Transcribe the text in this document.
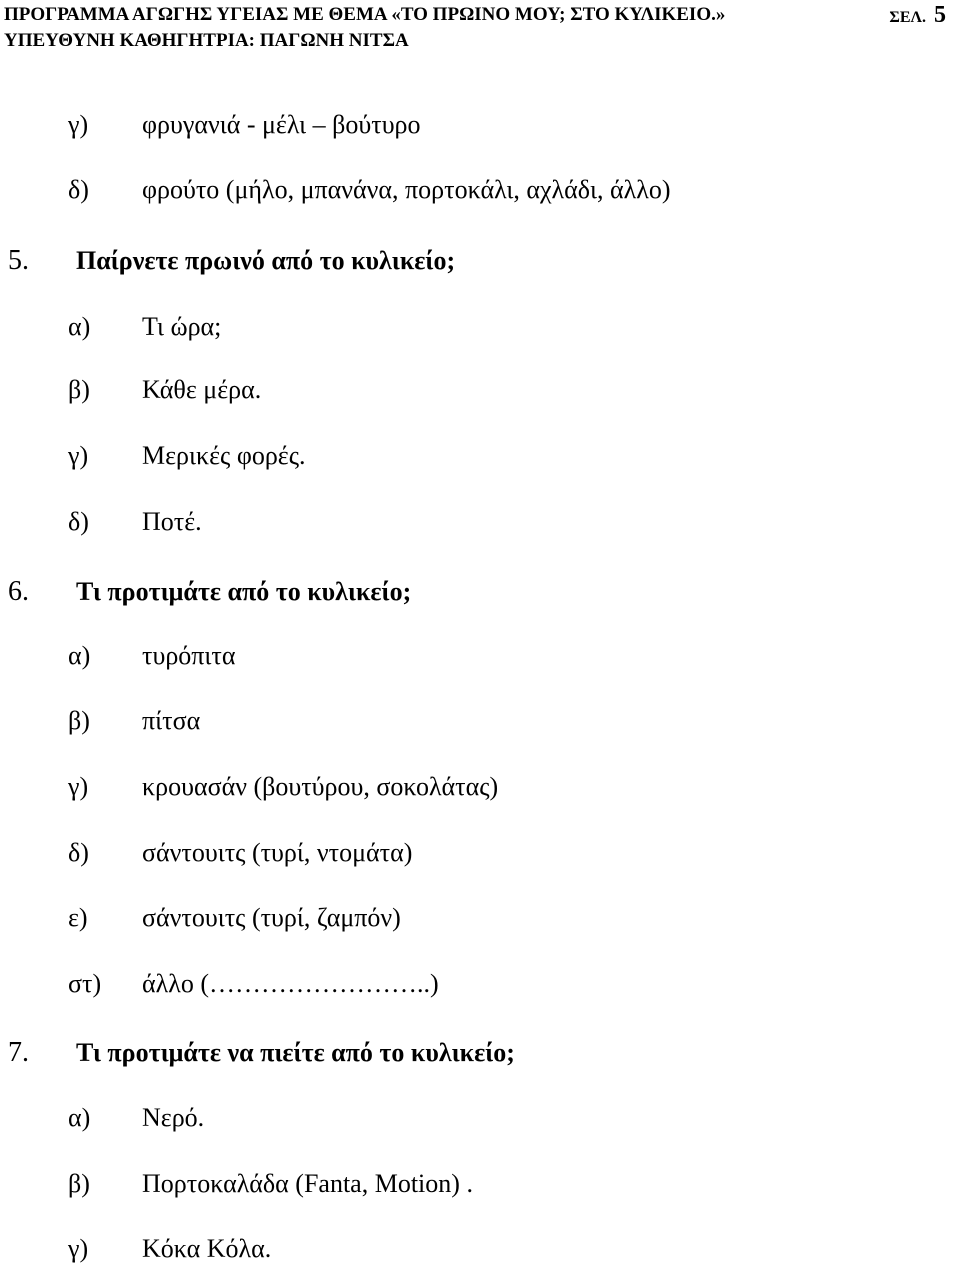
ΠΡΟΓΡΑΜΜΑ ΑΓΩΓΗΣ ΥΓΕΙΑΣ ΜΕ ΘΕΜΑ «ΤΟ ΠΡΩΙΝΟ ΜΟΥ; ΣΤΟ ΚΥΛΙΚΕΙΟ.»
ΥΠΕΥΘΥΝΗ ΚΑΘΗΓΗΤΡΙΑ: ΠΑΓΩΝΗ ΝΙΤΣΑ
ΣΕΛ. 5
γ) φρυγανιά - μέλι – βούτυρο
δ) φρούτο (μήλο, μπανάνα, πορτοκάλι, αχλάδι, άλλο)
5. Παίρνετε πρωινό από το κυλικείο;
α) Τι ώρα;
β) Κάθε μέρα.
γ) Μερικές φορές.
δ) Ποτέ.
6. Τι προτιμάτε από το κυλικείο;
α) τυρόπιτα
β) πίτσα
γ) κρουασάν (βουτύρου, σοκολάτας)
δ) σάντουιτς (τυρί, ντομάτα)
ε) σάντουιτς (τυρί, ζαμπόν)
στ) άλλο (……………………..)
7. Τι προτιμάτε να πιείτε από το κυλικείο;
α) Νερό.
β) Πορτοκαλάδα (Fanta, Motion) .
γ) Κόκα Κόλα.
